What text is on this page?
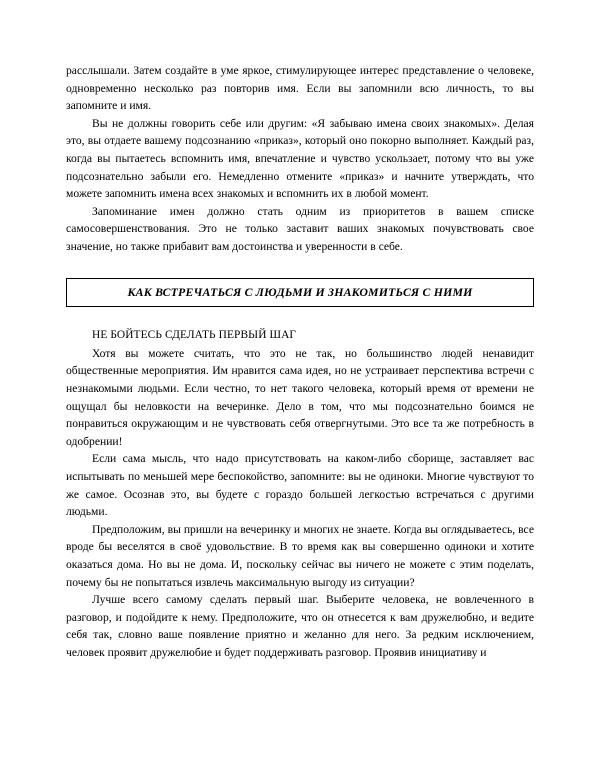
расслышали. Затем создайте в уме яркое, стимулирующее интерес представление о человеке, одновременно несколько раз повторив имя. Если вы запомнили всю личность, то вы запомните и имя.

Вы не должны говорить себе или другим: «Я забываю имена своих знакомых». Делая это, вы отдаете вашему подсознанию «приказ», который оно покорно выполняет. Каждый раз, когда вы пытаетесь вспомнить имя, впечатление и чувство ускользает, потому что вы уже подсознательно забыли его. Немедленно отмените «приказ» и начните утверждать, что можете запомнить имена всех знакомых и вспомнить их в любой момент.

Запоминание имен должно стать одним из приоритетов в вашем списке самосовершенствования. Это не только заставит ваших знакомых почувствовать свое значение, но также прибавит вам достоинства и уверенности в себе.

КАК ВСТРЕЧАТЬСЯ С ЛЮДЬМИ И ЗНАКОМИТЬСЯ С НИМИ

НЕ БОЙТЕСЬ СДЕЛАТЬ ПЕРВЫЙ ШАГ

Хотя вы можете считать, что это не так, но большинство людей ненавидит общественные мероприятия. Им нравится сама идея, но не устраивает перспектива встречи с незнакомыми людьми. Если честно, то нет такого человека, который время от времени не ощущал бы неловкости на вечеринке. Дело в том, что мы подсознательно боимся не понравиться окружающим и не чувствовать себя отвергнутыми. Это все та же потребность в одобрении!

Если сама мысль, что надо присутствовать на каком-либо сборище, заставляет вас испытывать по меньшей мере беспокойство, запомните: вы не одиноки. Многие чувствуют то же самое. Осознав это, вы будете с гораздо большей легкостью встречаться с другими людьми.

Предположим, вы пришли на вечеринку и многих не знаете. Когда вы оглядываетесь, все вроде бы веселятся в своё удовольствие. В то время как вы совершенно одиноки и хотите оказаться дома. Но вы не дома. И, поскольку сейчас вы ничего не можете с этим поделать, почему бы не попытаться извлечь максимальную выгоду из ситуации?

Лучше всего самому сделать первый шаг. Выберите человека, не вовлеченного в разговор, и подойдите к нему. Предположите, что он отнесется к вам дружелюбно, и ведите себя так, словно ваше появление приятно и желанно для него. За редким исключением, человек проявит дружелюбие и будет поддерживать разговор. Проявив инициативу и
